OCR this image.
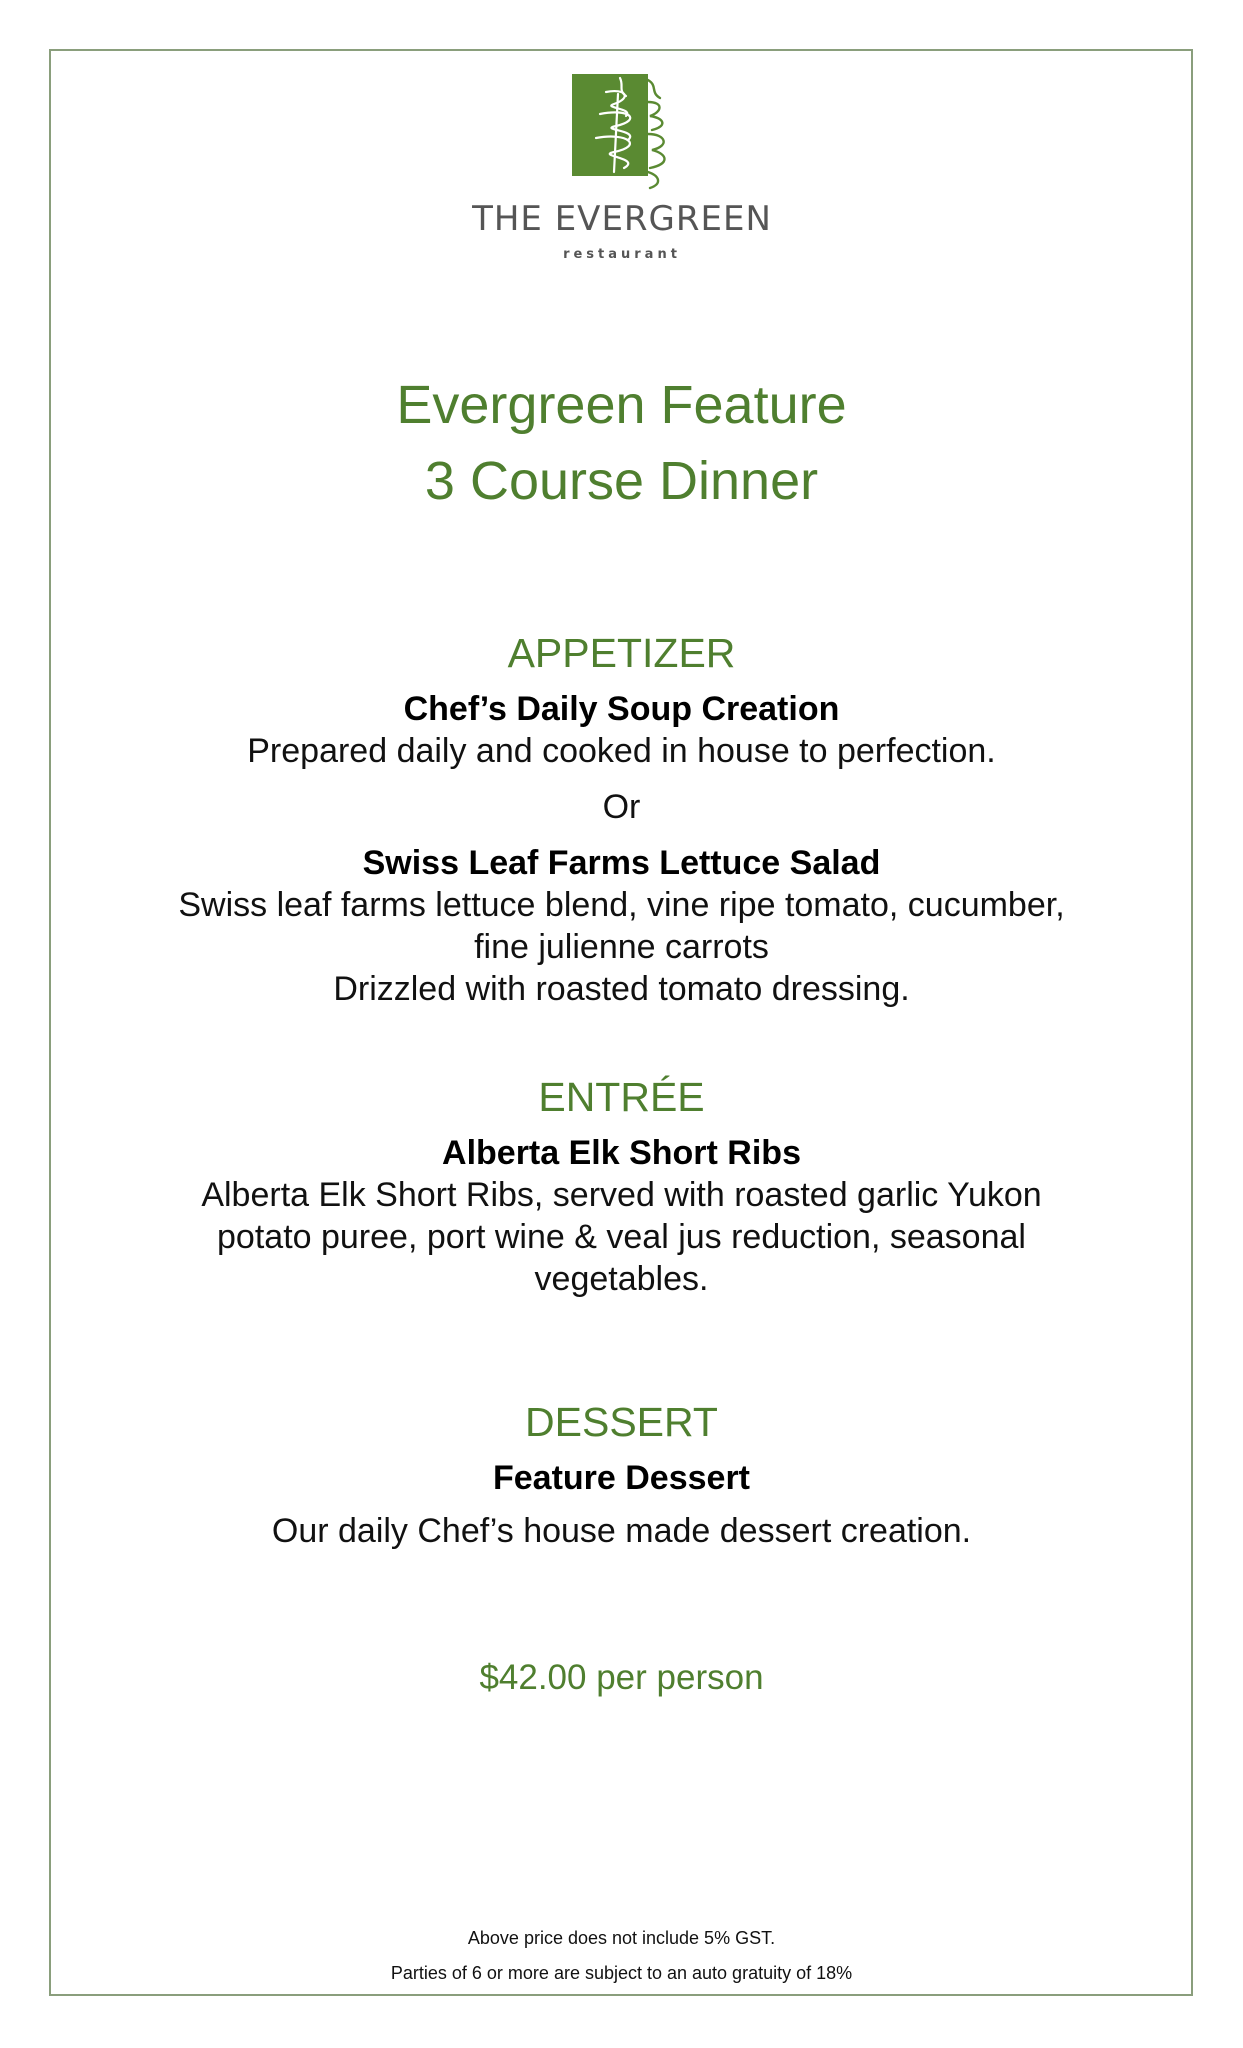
THE EVERGREEN
restaurant
Evergreen Feature
3 Course Dinner
APPETIZER
Chef’s Daily Soup Creation
Prepared daily and cooked in house to perfection.
Or
Swiss Leaf Farms Lettuce Salad
Swiss leaf farms lettuce blend, vine ripe tomato, cucumber,
fine julienne carrots
Drizzled with roasted tomato dressing.
ENTRÉE
Alberta Elk Short Ribs
Alberta Elk Short Ribs, served with roasted garlic Yukon
potato puree, port wine & veal jus reduction, seasonal
vegetables.
DESSERT
Feature Dessert
Our daily Chef’s house made dessert creation.
$42.00 per person
Above price does not include 5% GST.
Parties of 6 or more are subject to an auto gratuity of 18%
